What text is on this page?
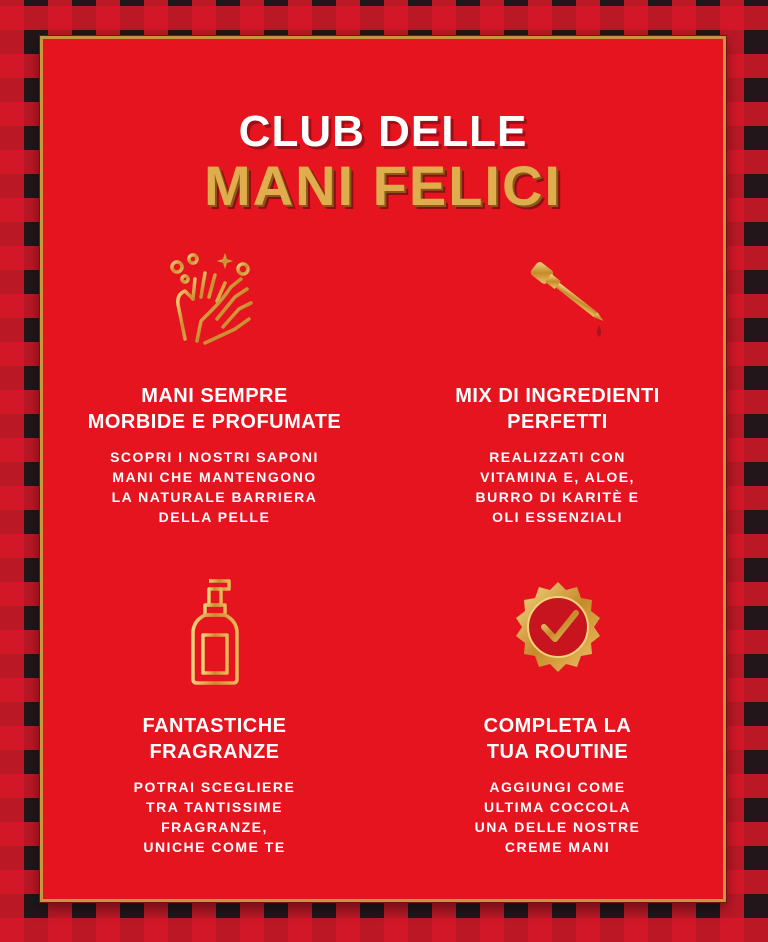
CLUB DELLE
MANI FELICI
MANI SEMPRE
MORBIDE E PROFUMATE
SCOPRI I NOSTRI SAPONI
MANI CHE MANTENGONO
LA NATURALE BARRIERA
DELLA PELLE
MIX DI INGREDIENTI
PERFETTI
REALIZZATI CON
VITAMINA E, ALOE,
BURRO DI KARITÈ E
OLI ESSENZIALI
FANTASTICHE
FRAGRANZE
POTRAI SCEGLIERE
TRA TANTISSIME
FRAGRANZE,
UNICHE COME TE
COMPLETA LA
TUA ROUTINE
AGGIUNGI COME
ULTIMA COCCOLA
UNA DELLE NOSTRE
CREME MANI
